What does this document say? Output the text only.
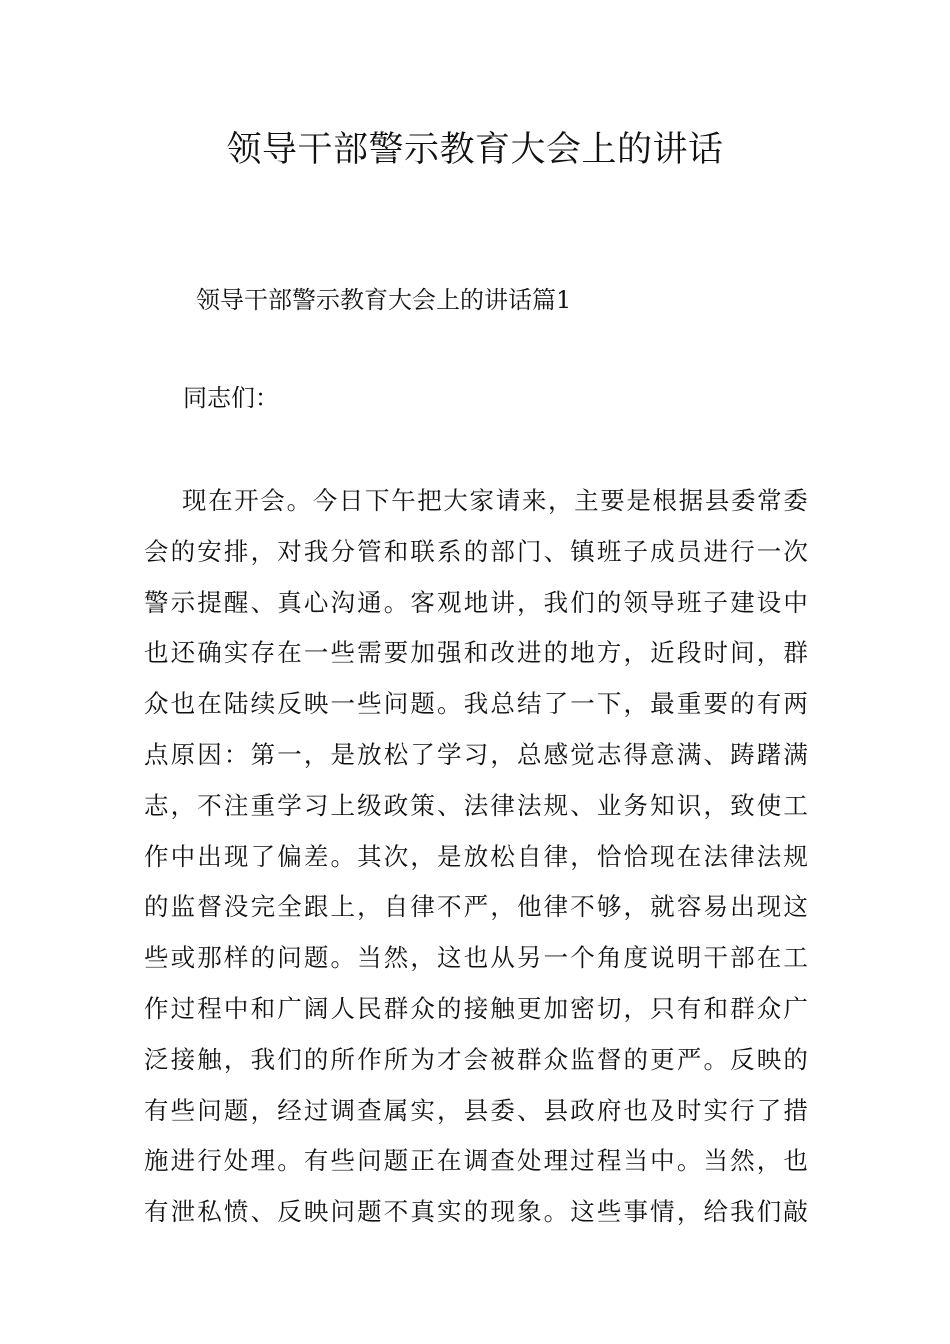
领导干部警示教育大会上的讲话
领导干部警示教育大会上的讲话篇1
同志们：
现 在 开 会 。 今 日 下 午 把 大 家 请 来 ， 主 要 是 根 据 县 委 常 委
会 的 安 排 ， 对 我 分 管 和 联 系 的 部 门 、 镇 班 子 成 员 进 行 一 次
警 示 提 醒 、 真 心 沟 通 。 客 观 地 讲 ， 我 们 的 领 导 班 子 建 设 中
也 还 确 实 存 在 一 些 需 要 加 强 和 改 进 的 地 方 ， 近 段 时 间 ， 群
众 也 在 陆 续 反 映 一 些 问 题 。 我 总 结 了 一 下 ， 最 重 要 的 有 两
点 原 因 ： 第 一 ， 是 放 松 了 学 习 ， 总 感 觉 志 得 意 满 、 踌 躇 满
志 ， 不 注 重 学 习 上 级 政 策 、 法 律 法 规 、 业 务 知 识 ， 致 使 工
作 中 出 现 了 偏 差 。 其 次 ， 是 放 松 自 律 ， 恰 恰 现 在 法 律 法 规
的 监 督 没 完 全 跟 上 ， 自 律 不 严 ， 他 律 不 够 ， 就 容 易 出 现 这
些 或 那 样 的 问 题 。 当 然 ， 这 也 从 另 一 个 角 度 说 明 干 部 在 工
作 过 程 中 和 广 阔 人 民 群 众 的 接 触 更 加 密 切 ， 只 有 和 群 众 广
泛 接 触 ， 我 们 的 所 作 所 为 才 会 被 群 众 监 督 的 更 严 。 反 映 的
有 些 问 题 ， 经 过 调 查 属 实 ， 县 委 、 县 政 府 也 及 时 实 行 了 措
施 进 行 处 理 。 有 些 问 题 正 在 调 查 处 理 过 程 当 中 。 当 然 ， 也
有 泄 私 愤 、 反 映 问 题 不 真 实 的 现 象 。 这 些 事 情 ， 给 我 们 敲
